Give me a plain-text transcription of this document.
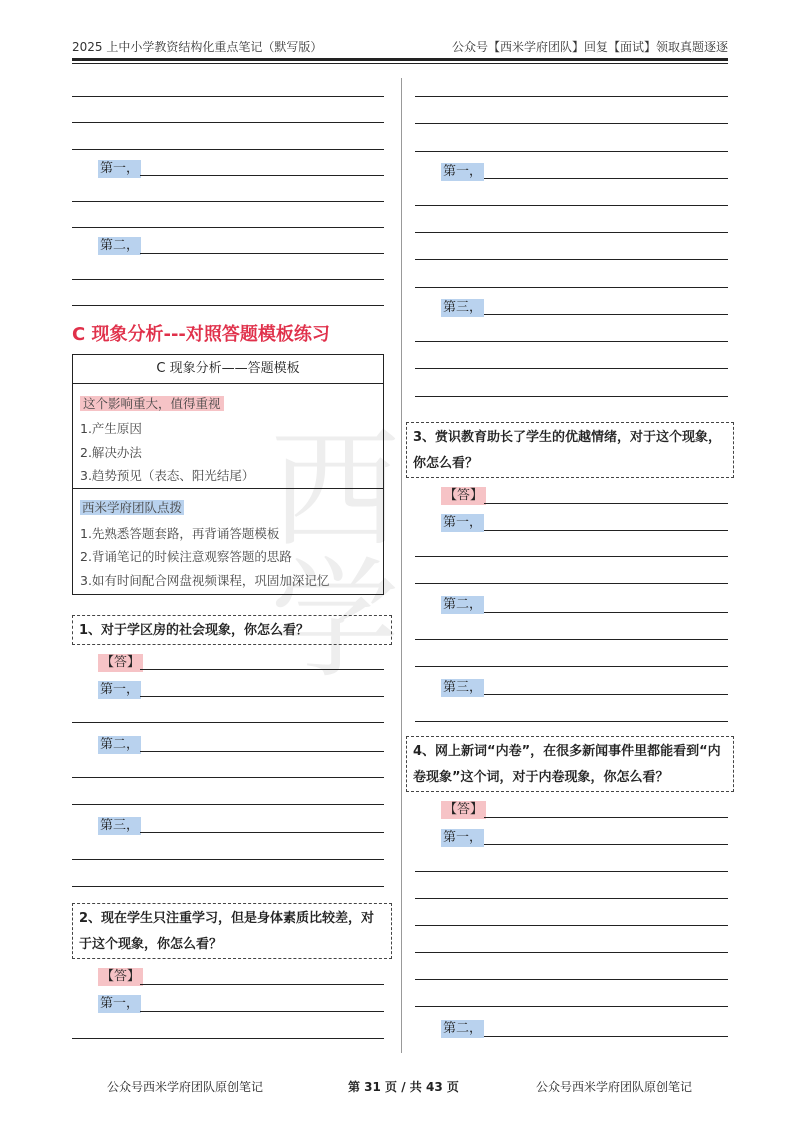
西
学
2025 上中小学教资结构化重点笔记（默写版）	公众号【西米学府团队】回复【面试】领取真题逐逐
第一，
第二，
C 现象分析---对照答题模板练习
C 现象分析——答题模板
这个影响重大，值得重视
1.产生原因
2.解决办法
3.趋势预见（表态、阳光结尾）
西米学府团队点拨
1.先熟悉答题套路，再背诵答题模板
2.背诵笔记的时候注意观察答题的思路
3.如有时间配合网盘视频课程，巩固加深记忆
1、对于学区房的社会现象，你怎么看？
【答】
第一，
第二，
第三，
2、现在学生只注重学习，但是身体素质比较差，对于这个现象，你怎么看？
【答】
第一，
第一，
第三，
3、赏识教育助长了学生的优越情绪，对于这个现象，你怎么看？
【答】
第一，
第二，
第三，
4、网上新词“内卷”，在很多新闻事件里都能看到“内卷现象”这个词，对于内卷现象，你怎么看？
【答】
第一，
第二，
公众号西米学府团队原创笔记	第 31 页 / 共 43 页	公众号西米学府团队原创笔记
